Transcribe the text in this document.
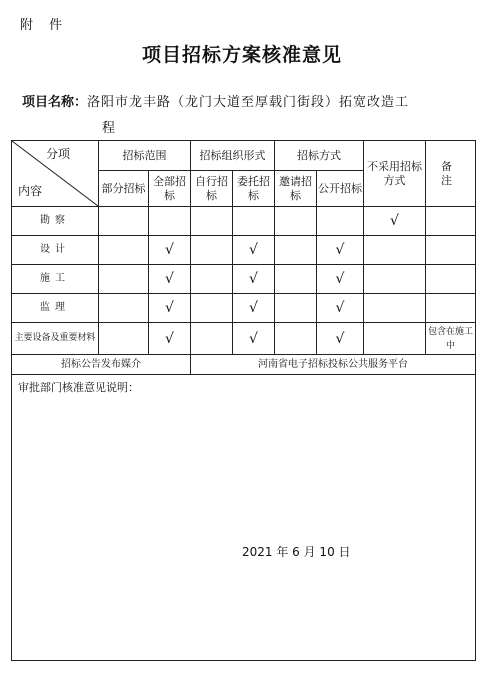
附 件
项目招标方案核准意见
项目名称：洛阳市龙丰路（龙门大道至厚载门街段）拓宽改造工
程
分项
内容	招标范围		招标组织形式		招标方式		不采用招标方式	备 注
	部分招标	全部招标	自行招标	委托招标	邀请招标	公开招标		
勘察							√	
设计		√		√		√		
施工		√		√		√		
监理		√		√		√		
主要设备及重要材料		√		√		√		包含在施工中
招标公告发布媒介			河南省电子招标投标公共服务平台					

审批部门核准意见说明：
2021 年 6 月 10 日								
